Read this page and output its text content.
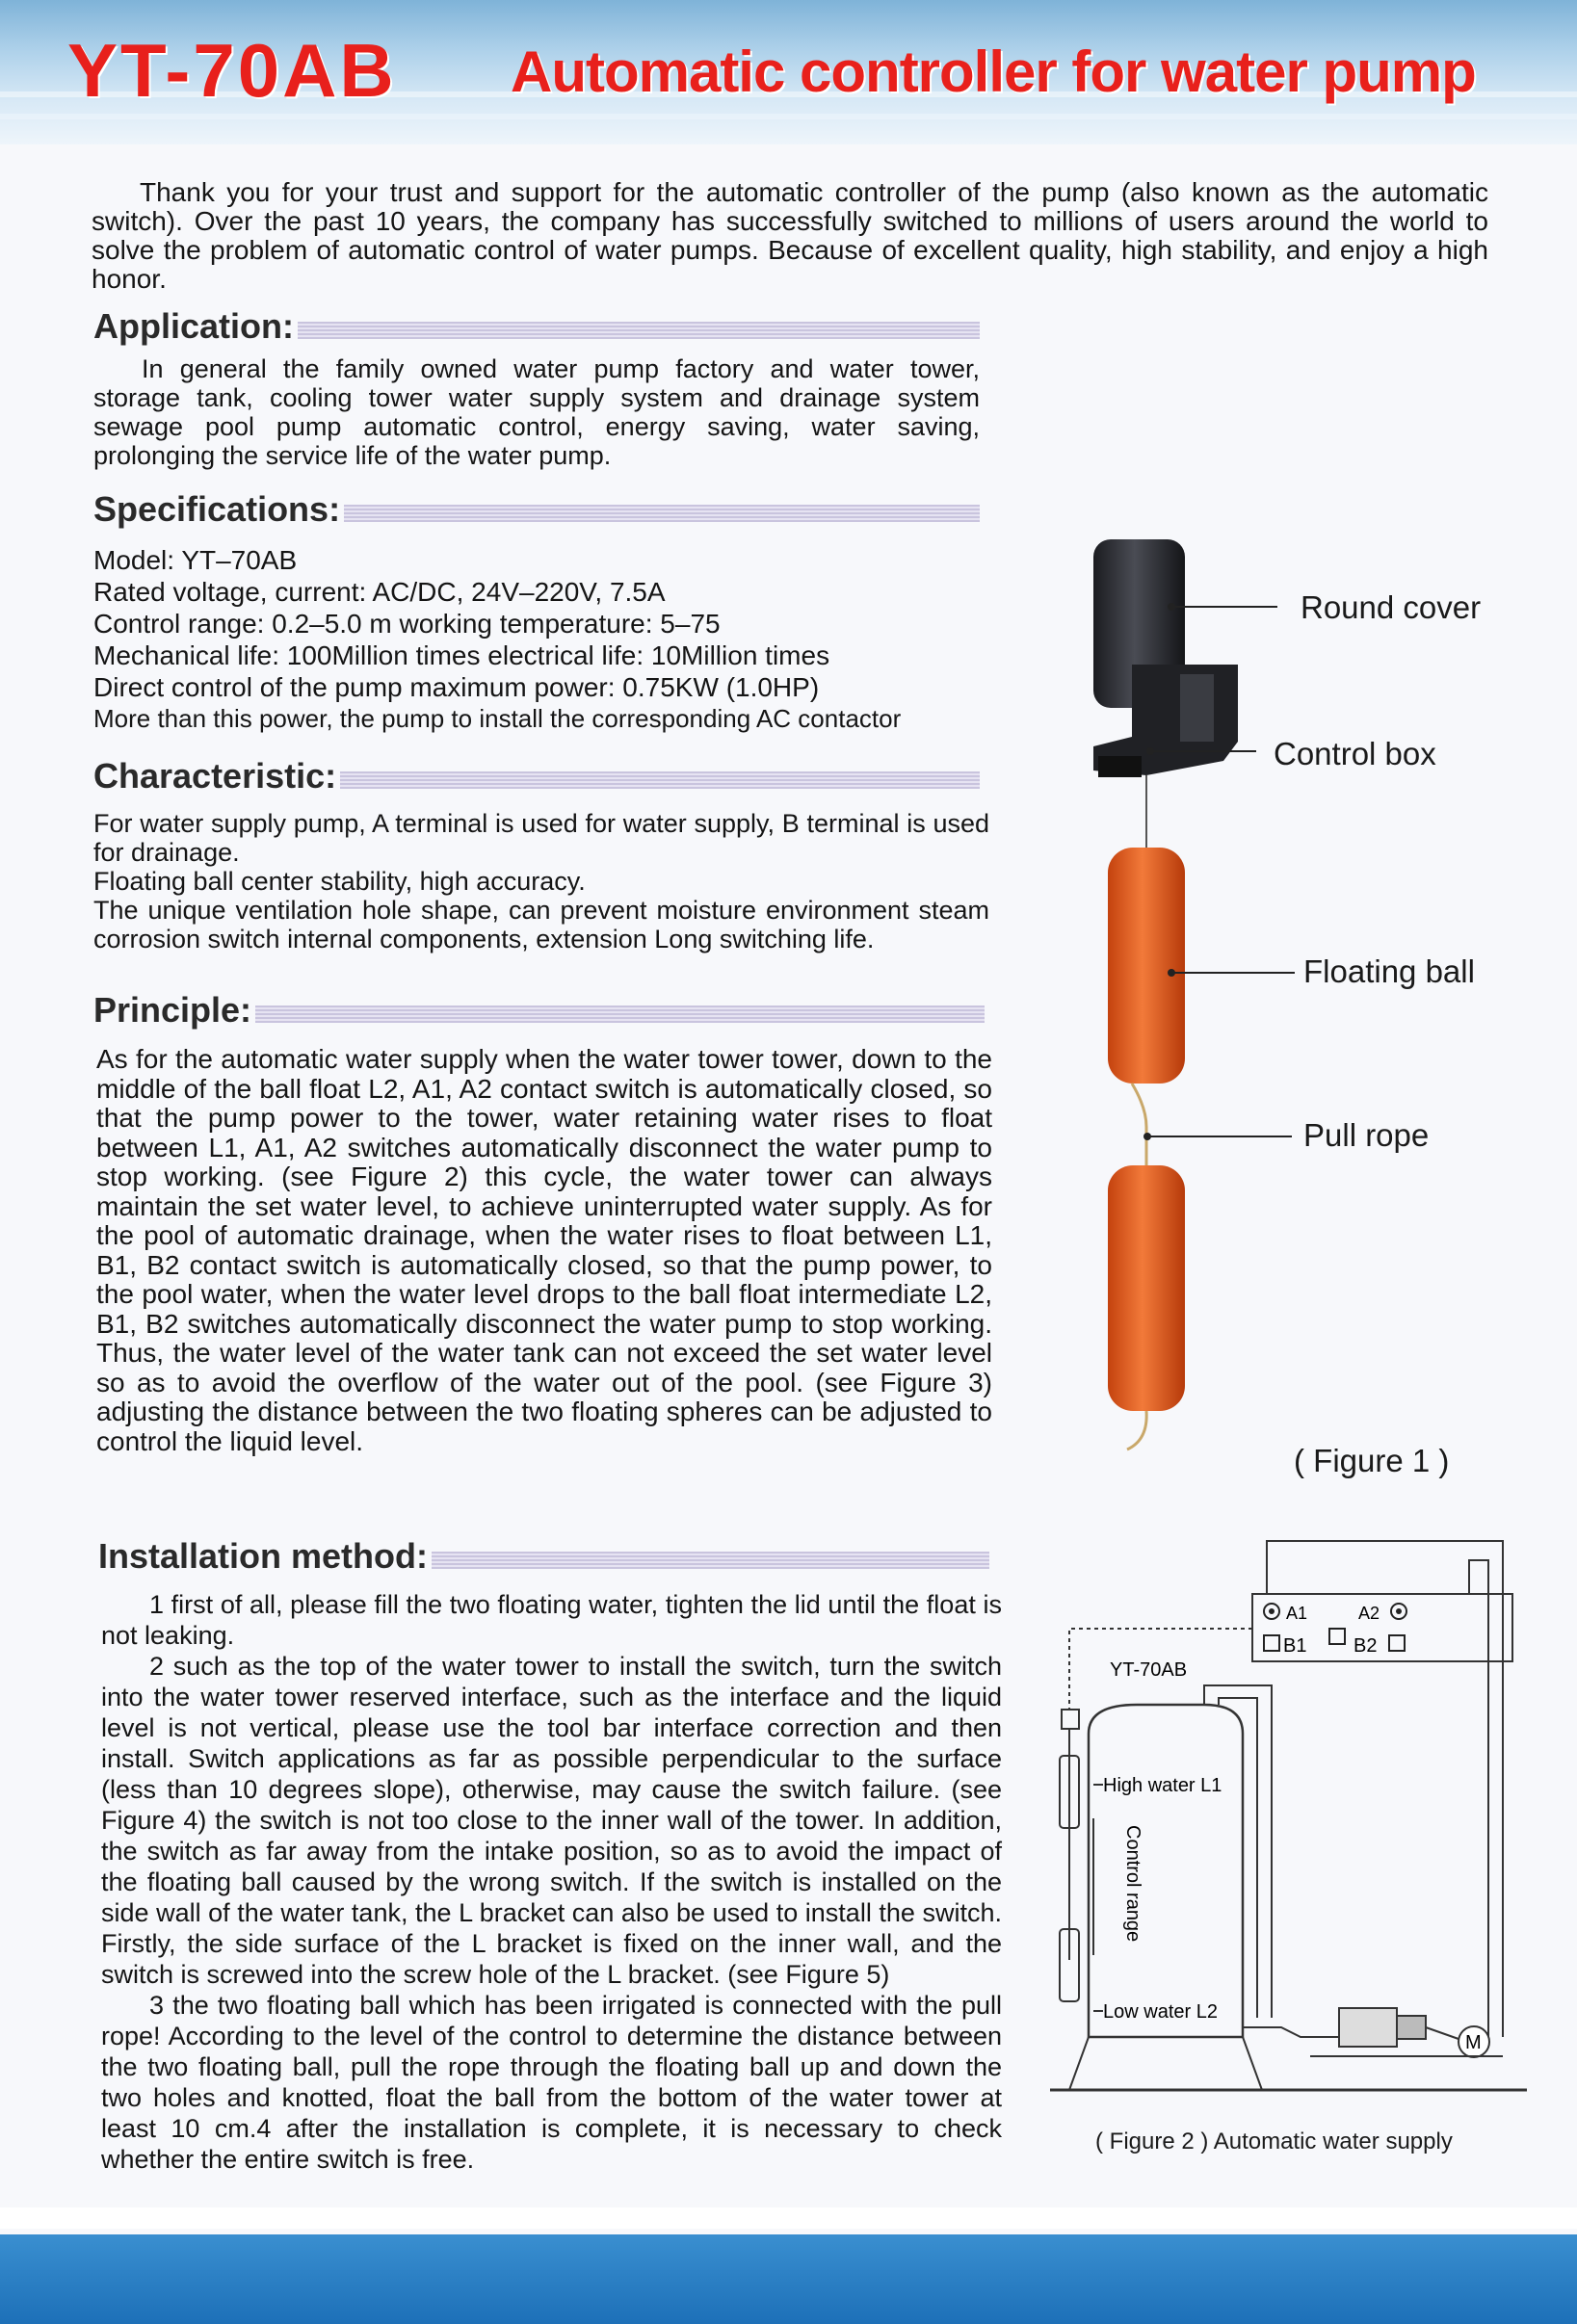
YT-70AB Automatic controller for water pump

Thank you for your trust and support for the automatic controller of the pump (also known as the automatic switch). Over the past 10 years, the company has successfully switched to millions of users around the world to solve the problem of automatic control of water pumps. Because of excellent quality, high stability, and enjoy a high honor.

Application:

In general the family owned water pump factory and water tower, storage tank, cooling tower water supply system and drainage system sewage pool pump automatic control, energy saving, water saving, prolonging the service life of the water pump.

Specifications:

Model: YT–70AB

Rated voltage, current: AC/DC, 24V–220V, 7.5A

Control range: 0.2–5.0 m working temperature: 5–75

Mechanical life: 100Million times electrical life: 10Million times

Direct control of the pump maximum power: 0.75KW (1.0HP)

More than this power, the pump to install the corresponding AC contactor

Characteristic:

For water supply pump, A terminal is used for water supply, B terminal is used for drainage.

Floating ball center stability, high accuracy.

The unique ventilation hole shape, can prevent moisture environment steam corrosion switch internal components, extension Long switching life.

Principle:

As for the automatic water supply when the water tower tower, down to the middle of the ball float L2, A1, A2 contact switch is automatically closed, so that the pump power to the tower, water retaining water rises to float between L1, A1, A2 switches automatically disconnect the water pump to stop working. (see Figure 2) this cycle, the water tower can always maintain the set water level, to achieve uninterrupted water supply. As for the pool of automatic drainage, when the water rises to float between L1, B1, B2 contact switch is automatically closed, so that the pump power, to the pool water, when the water level drops to the ball float intermediate L2, B1, B2 switches automatically disconnect the water pump to stop working. Thus, the water level of the water tank can not exceed the set water level so as to avoid the overflow of the water out of the pool. (see Figure 3) adjusting the distance between the two floating spheres can be adjusted to control the liquid level.

Installation method:

1 first of all, please fill the two floating water, tighten the lid until the float is not leaking.

2 such as the top of the water tower to install the switch, turn the switch into the water tower reserved interface, such as the interface and the liquid level is not vertical, please use the tool bar interface correction and then install. Switch applications as far as possible perpendicular to the surface (less than 10 degrees slope), otherwise, may cause the switch failure. (see Figure 4) the switch is not too close to the inner wall of the tower. In addition, the switch as far away from the intake position, so as to avoid the impact of the floating ball caused by the wrong switch. If the switch is installed on the side wall of the water tank, the L bracket can also be used to install the switch. Firstly, the side surface of the L bracket is fixed on the inner wall, and the switch is screwed into the screw hole of the L bracket. (see Figure 5)

3 the two floating ball which has been irrigated is connected with the pull rope! According to the level of the control to determine the distance between the two floating ball, pull the rope through the floating ball up and down the two holes and knotted, float the ball from the bottom of the water tower at least 10 cm.4 after the installation is complete, it is necessary to check whether the entire switch is free.

Round cover
Control box
Floating ball
Pull rope
( Figure 1 )
A1	A2
B1 B2
YT-70AB
High water L1
Control range
Low water L2
M
( Figure 2 ) Automatic water supply
